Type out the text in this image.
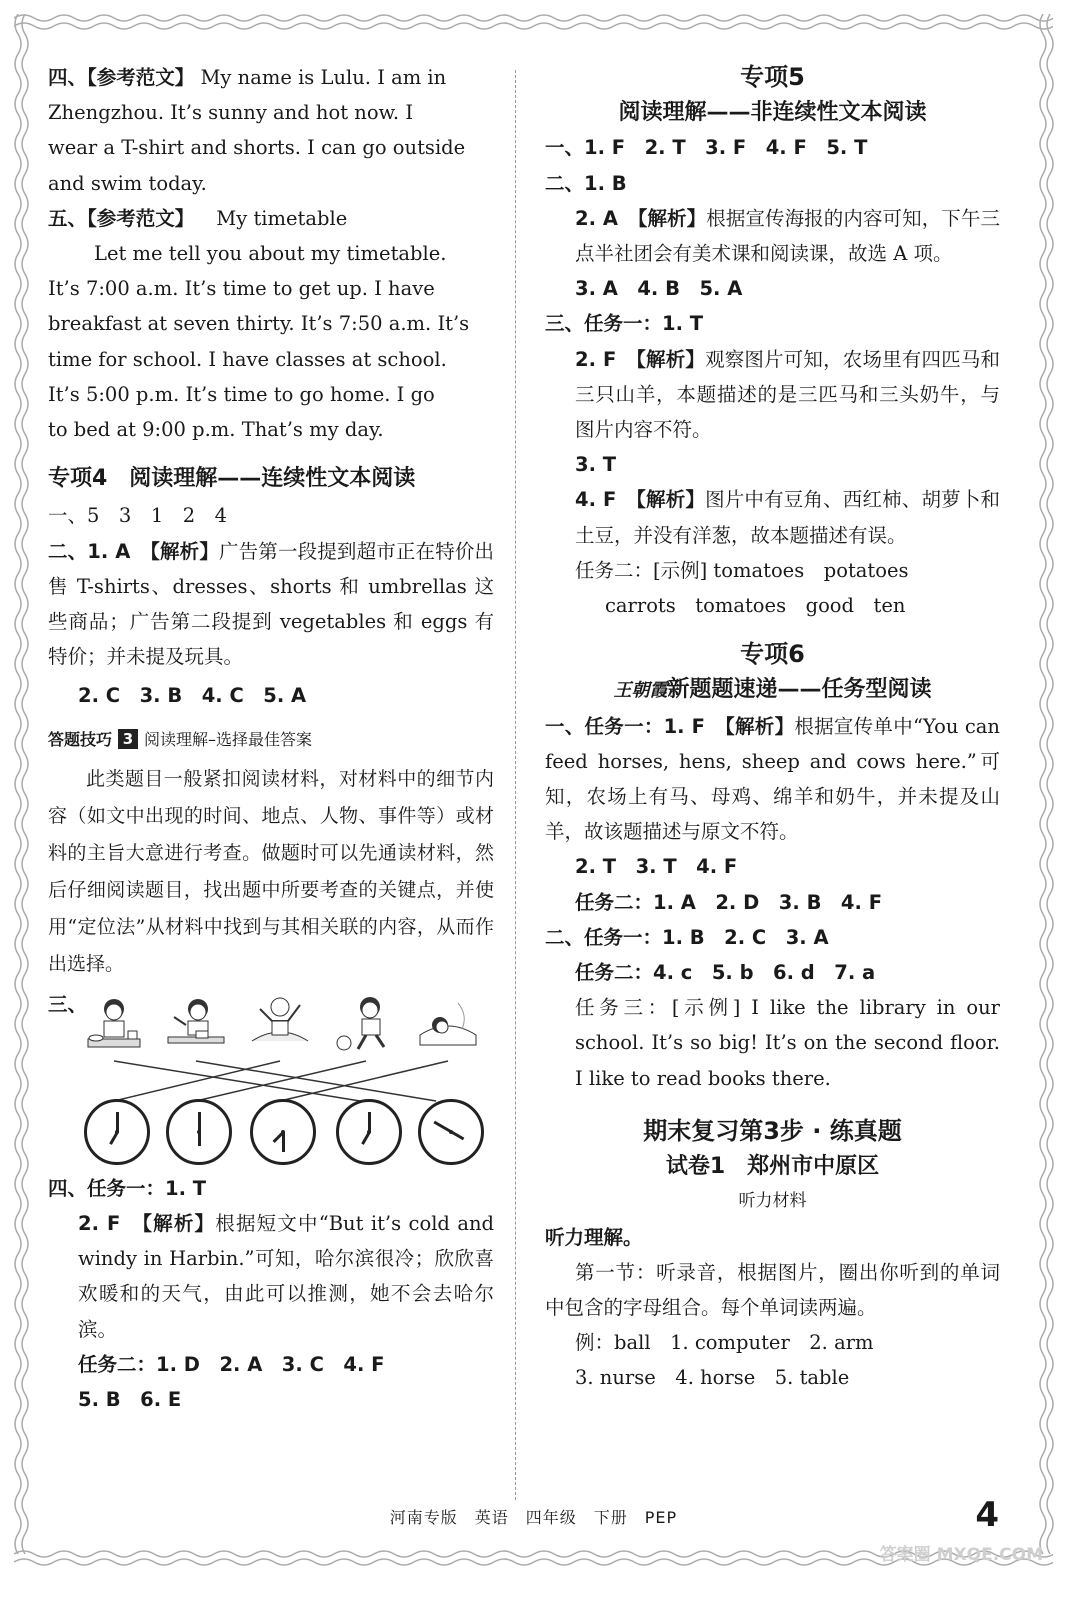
四、【参考范文】 My name is Lulu. I am in

Zhengzhou. It’s sunny and hot now. I

wear a T-shirt and shorts. I can go outside

and swim today.

五、【参考范文】 My timetable

Let me tell you about my timetable.

It’s 7:00 a.m. It’s time to get up. I have

breakfast at seven thirty. It’s 7:50 a.m. It’s

time for school. I have classes at school.

It’s 5:00 p.m. It’s time to go home. I go

to bed at 9:00 p.m. That’s my day.

专项4　阅读理解——连续性文本阅读

一、5　3　1　2　4

二、1. A　【解析】广告第一段提到超市正在特价出售 T-shirts、dresses、shorts 和 umbrellas 这些商品；广告第二段提到 vegetables 和 eggs 有特价；并未提及玩具。

2. C　3. B　4. C　5. A

答题技巧 3 阅读理解–选择最佳答案

此类题目一般紧扣阅读材料，对材料中的细节内容（如文中出现的时间、地点、人物、事件等）或材料的主旨大意进行考查。做题时可以先通读材料，然后仔细阅读题目，找出题中所要考查的关键点，并使用“定位法”从材料中找到与其相关联的内容，从而作出选择。

三、

四、任务一：1. T

2. F　【解析】根据短文中“But it’s cold and windy in Harbin.”可知，哈尔滨很冷；欣欣喜欢暖和的天气，由此可以推测，她不会去哈尔滨。

任务二：1. D　2. A　3. C　4. F

5. B　6. E

专项5

阅读理解——非连续性文本阅读

一、1. F　2. T　3. F　4. F　5. T

二、1. B

2. A　【解析】根据宣传海报的内容可知，下午三点半社团会有美术课和阅读课，故选 A 项。

3. A　4. B　5. A

三、任务一：1. T

2. F　【解析】观察图片可知，农场里有四匹马和三只山羊，本题描述的是三匹马和三头奶牛，与图片内容不符。

3. T

4. F　【解析】图片中有豆角、西红柿、胡萝卜和土豆，并没有洋葱，故本题描述有误。

任务二：[示例] tomatoes　potatoes

carrots　tomatoes　good　ten

专项6

王朝霞新题题速递——任务型阅读

一、任务一：1. F　【解析】根据宣传单中“You can feed horses, hens, sheep and cows here.”可知，农场上有马、母鸡、绵羊和奶牛，并未提及山羊，故该题描述与原文不符。

2. T　3. T　4. F

任务二：1. A　2. D　3. B　4. F

二、任务一：1. B　2. C　3. A

任务二：4. c　5. b　6. d　7. a

任务三：[示例] I like the library in our school. It’s so big! It’s on the second floor. I like to read books there.

期末复习第3步 · 练真题

试卷1　郑州市中原区

听力材料

听力理解。

第一节：听录音，根据图片，圈出你听到的单词中包含的字母组合。每个单词读两遍。

例：ball　1. computer　2. arm

3. nurse　4. horse　5. table

河南专版　英语　四年级　下册　PEP	4
答案圈 MXQE.COM
